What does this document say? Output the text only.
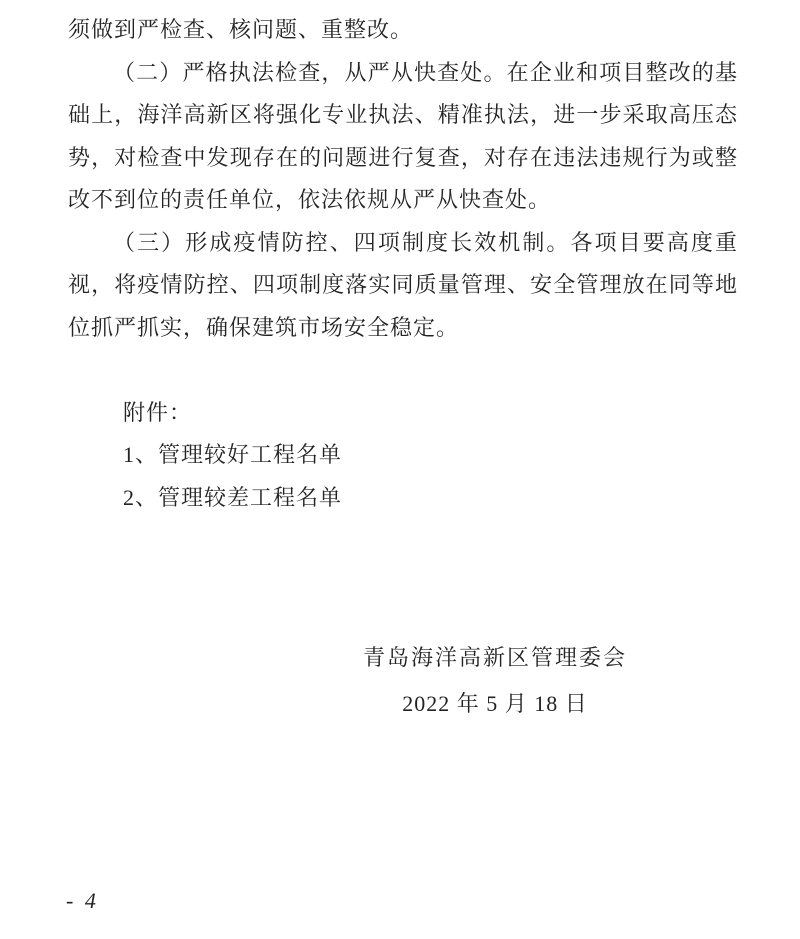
须做到严检查、核问题、重整改。

（二）严格执法检查，从严从快查处。在企业和项目整改的基础上，海洋高新区将强化专业执法、精准执法，进一步采取高压态势，对检查中发现存在的问题进行复查，对存在违法违规行为或整改不到位的责任单位，依法依规从严从快查处。

（三）形成疫情防控、四项制度长效机制。各项目要高度重视，将疫情防控、四项制度落实同质量管理、安全管理放在同等地位抓严抓实，确保建筑市场安全稳定。

附件：

1、管理较好工程名单

2、管理较差工程名单

青岛海洋高新区管理委会
2022 年 5 月 18 日
- 4
